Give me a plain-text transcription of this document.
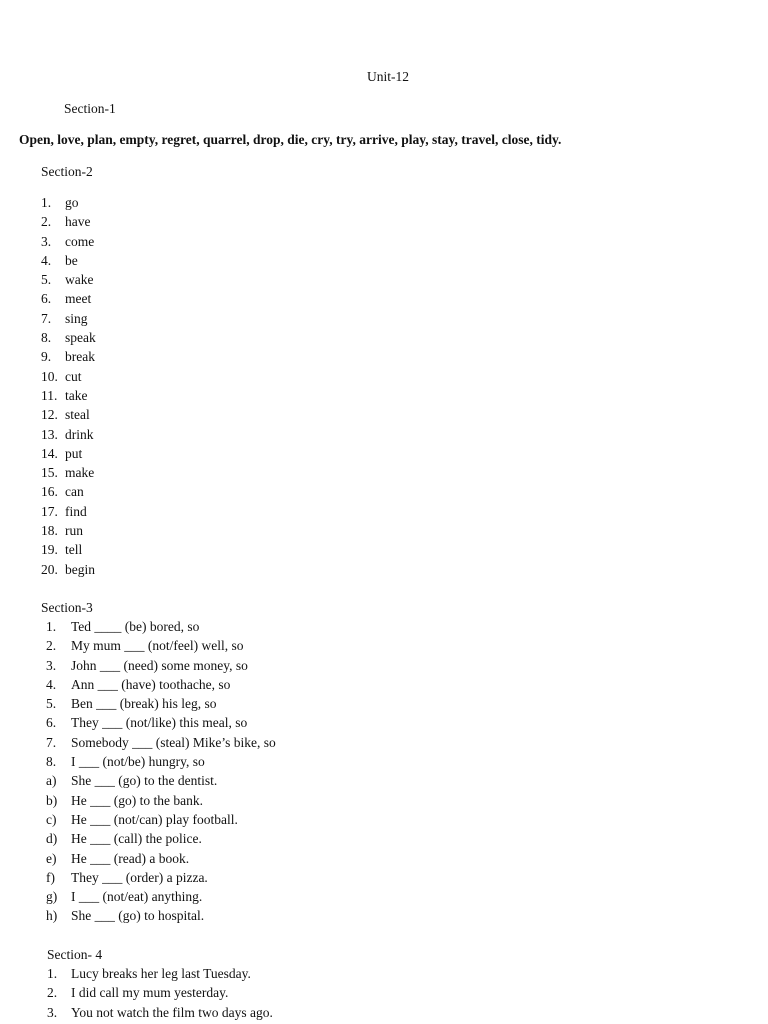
Unit-12
Section-1
Open, love, plan, empty, regret, quarrel, drop, die, cry, try, arrive, play, stay, travel, close, tidy.
Section-2
1.	go
2.	have
3.	come
4.	be
5.	wake
6.	meet
7.	sing
8.	speak
9.	break
10. cut
11. take
12. steal
13. drink
14. put
15. make
16. can
17. find
18. run
19. tell
20. begin
Section-3
1.	Ted ____ (be) bored, so
2.	My mum ___ (not/feel) well, so
3.	John ___ (need) some money, so
4.	Ann ___ (have) toothache, so
5.	Ben ___ (break) his leg, so
6.	They ___ (not/like) this meal, so
7.	Somebody ___ (steal) Mike’s bike, so
8.	I ___ (not/be) hungry, so
a)	She ___ (go) to the dentist.
b)	He ___ (go) to the bank.
c)	He ___ (not/can) play football.
d)	He ___ (call) the police.
e)	He ___ (read) a book.
f)	They ___ (order) a pizza.
g)	I ___ (not/eat) anything.
h)	She ___ (go) to hospital.
Section- 4
1.	Lucy breaks her leg last Tuesday.
2.	I did call my mum yesterday.
3.	You not watch the film two days ago.
